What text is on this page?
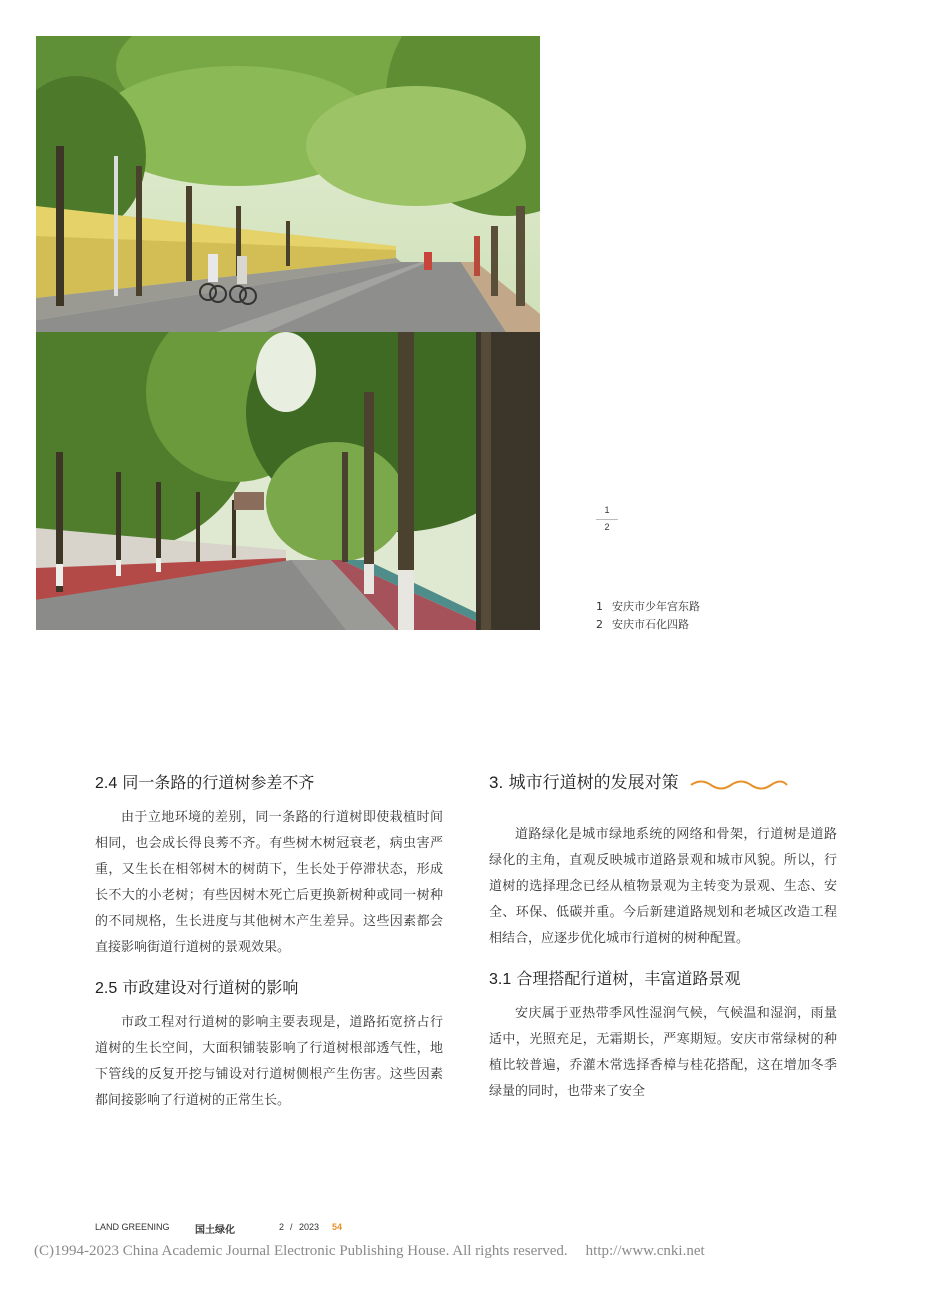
1
2
1 安庆市少年宫东路
2 安庆市石化四路
2.4 同一条路的行道树参差不齐

由于立地环境的差别，同一条路的行道树即使栽植时间相同，也会成长得良莠不齐。有些树木树冠衰老，病虫害严重，又生长在相邻树木的树荫下，生长处于停滞状态，形成长不大的小老树；有些因树木死亡后更换新树种或同一树种的不同规格，生长进度与其他树木产生差异。这些因素都会直接影响街道行道树的景观效果。

2.5 市政建设对行道树的影响

市政工程对行道树的影响主要表现是，道路拓宽挤占行道树的生长空间，大面积铺装影响了行道树根部透气性，地下管线的反复开挖与铺设对行道树侧根产生伤害。这些因素都间接影响了行道树的正常生长。

3. 城市行道树的发展对策

道路绿化是城市绿地系统的网络和骨架，行道树是道路绿化的主角，直观反映城市道路景观和城市风貌。所以，行道树的选择理念已经从植物景观为主转变为景观、生态、安全、环保、低碳并重。今后新建道路规划和老城区改造工程相结合，应逐步优化城市行道树的树种配置。

3.1 合理搭配行道树，丰富道路景观

安庆属于亚热带季风性湿润气候，气候温和湿润，雨量适中，光照充足，无霜期长，严寒期短。安庆市常绿树的种植比较普遍，乔灌木常选择香樟与桂花搭配，这在增加冬季绿量的同时，也带来了安全

LAND GREENING	国土绿化	2 / 2023 54
(C)1994-2023 China Academic Journal Electronic Publishing House. All rights reserved. http://www.cnki.net
